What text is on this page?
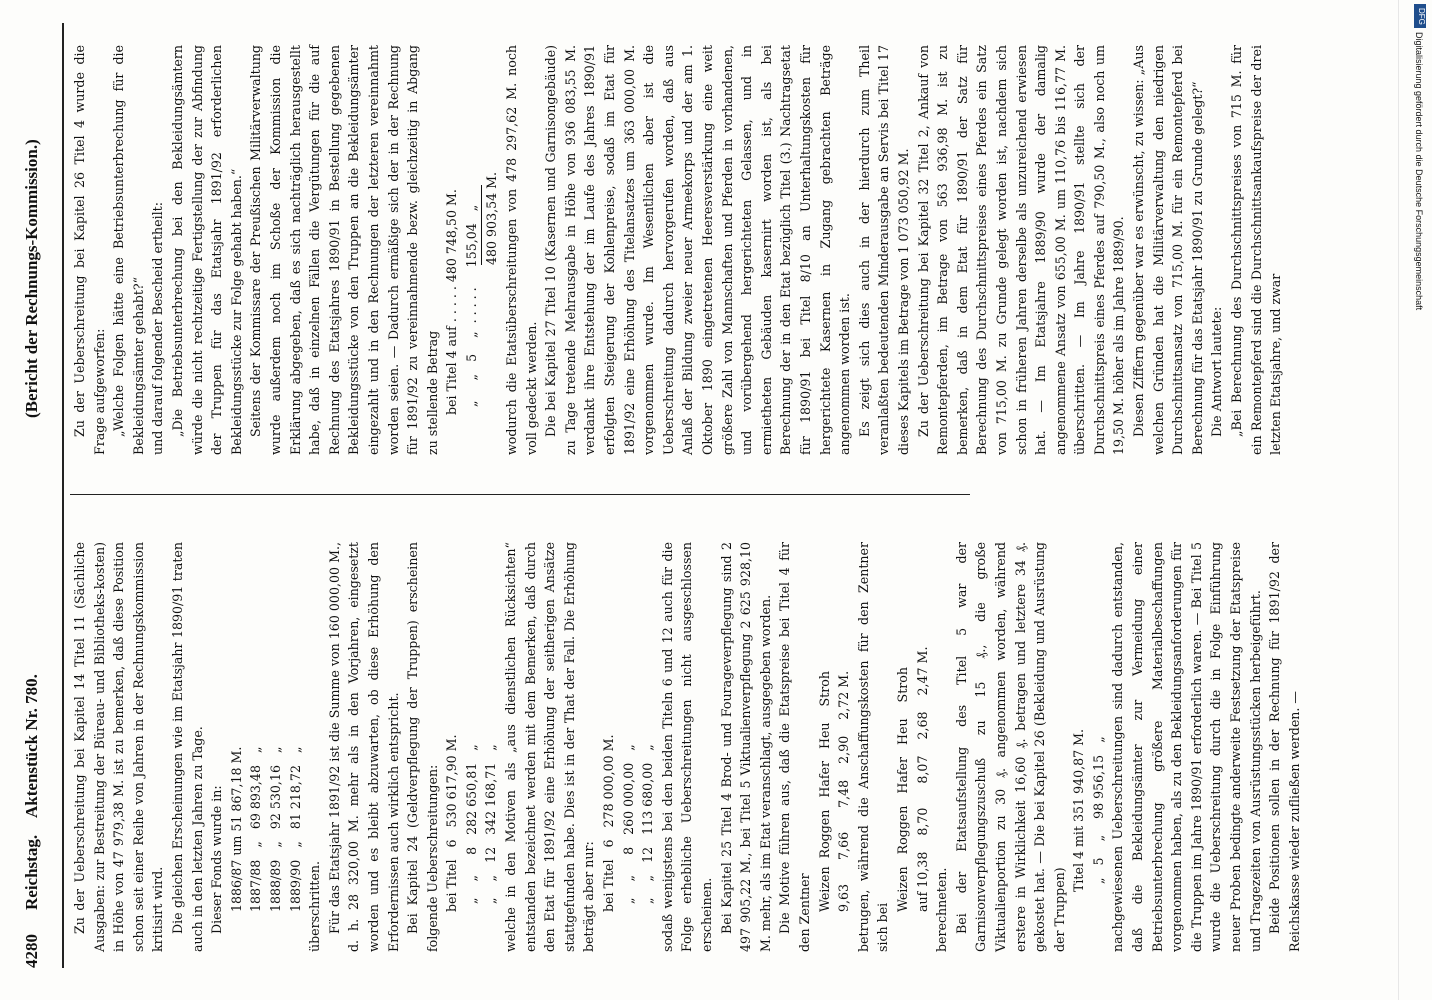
4280
Reichstag.
Aktenstück Nr. 780.
(Bericht der Rechnungs-Kommission.)

Zu der Ueberschreitung bei Kapitel 14 Titel 11 (Sächliche Ausgaben: zur Bestreitung der Büreau- und Bibliotheks-kosten) in Höhe von 47 979,38 M. ist zu bemerken, daß diese Position schon seit einer Reihe von Jahren in der Rechnungskommission kritisirt wird. Die gleichen Erscheinungen wie im Etatsjahr 1890/91 traten auch in den letzten Jahren zu Tage. Dieser Fonds wurde in: 1886/87 um 51 867,18 M. 1887/88   „   69 893,48   „ 1888/89   „   92 530,16   „ 1889/90   „   81 218,72   „ überschritten. Für das Etatsjahr 1891/92 ist die Summe von 160 000,00 M., d. h. 28 320,00 M. mehr als in den Vorjahren, eingesetzt worden und es bleibt abzuwarten, ob diese Erhöhung den Erfordernissen auch wirklich entspricht. Bei Kapitel 24 (Geldverpflegung der Truppen) erscheinen folgende Ueberschreitungen: bei Titel   6   530 617,90 M. „    „     8   282 650,81   „ „    „   12   342 168,71   „ welche in den Motiven als „aus dienstlichen Rücksichten“ entstanden bezeichnet werden mit dem Bemerken, daß durch den Etat für 1891/92 eine Erhöhung der seitherigen Ansätze stattgefunden habe. Dies ist in der That der Fall. Die Erhöhung beträgt aber nur: bei Titel   6   278 000,00 M. „    „     8   260 000,00   „ „    „   12   113 680,00   „ sodaß wenigstens bei den beiden Titeln 6 und 12 auch für die Folge erhebliche Ueberschreitungen nicht ausgeschlossen erscheinen. Bei Kapitel 25 Titel 4 Brod- und Fourageverpflegung sind 2 497 905,22 M., bei Titel 5 Viktualienverpflegung 2 625 928,10 M. mehr, als im Etat veranschlagt, ausgegeben worden. Die Motive führen aus, daß die Etatspreise bei Titel 4 für den Zentner Weizen  Roggen   Hafer   Heu    Stroh
9,63      7,66      7,48    2,90    2,72 M. betrugen, während die Anschaffungskosten für den Zentner sich bei

Weizen   Roggen   Hafer   Heu    Stroh
auf 10,38    8,70      8,07    2,68    2,47 M.

berechneten. Bei der Etatsaufstellung des Titel 5 war der Garnisonverpflegungszuschuß zu 15 ₰., die große Viktualienportion zu 30 ₰. angenommen worden, während erstere in Wirklichkeit 16,60 ₰. betragen und letztere 34 ₰. gekostet hat. — Die bei Kapitel 26 (Bekleidung und Ausrüstung der Truppen)

Titel 4 mit 351 940,87 M. „   5    „    98 956,15   „ nachgewiesenen Ueberschreitungen sind dadurch entstanden, daß die Bekleidungsämter zur Vermeidung einer Betriebsunterbrechung größere Materialbeschaffungen vorgenommen haben, als zu den Bekleidungsanforderungen für die Truppen im Jahre 1890/91 erforderlich waren. — Bei Titel 5 wurde die Ueberschreitung durch die in Folge Einführung neuer Proben bedingte anderweite Festsetzung der Etatspreise und Tragezeiten von Ausrüstungsstücken herbeigeführt. Beide Positionen sollen in der Rechnung für 1891/92 der Reichskasse wieder zufließen werden. —

Zu der Ueberschreitung bei Kapitel 26 Titel 4 wurde die Frage aufgeworfen: „Welche Folgen hätte eine Betriebsunterbrechung für die Bekleidungsämter gehabt?“ und darauf folgender Bescheid ertheilt: „Die Betriebsunterbrechung bei den Bekleidungsämtern würde die nicht rechtzeitige Fertigstellung der zur Abfindung der Truppen für das Etatsjahr 1891/92 erforderlichen Bekleidungsstücke zur Folge gehabt haben.“ Seitens der Kommissare der Preußischen Militärverwaltung wurde außerdem noch im Schoße der Kommission die Erklärung abgegeben, daß es sich nachträglich herausgestellt habe, daß in einzelnen Fällen die Vergütungen für die auf Rechnung des Etatsjahres 1890/91 in Bestellung gegebenen Bekleidungsstücke von den Truppen an die Bekleidungsämter eingezahlt und in den Rechnungen der letzteren vereinnahmt worden seien. — Dadurch ermäßige sich der in der Rechnung für 1891/92 zu vereinnahmende bezw. gleichzeitig in Abgang zu stellende Betrag bei Titel 4 auf . . . . . 480 748,50 M. „     „   5    „  . . . . .     155,04   „ 480 903,54 M. wodurch die Etatsüberschreitungen von 478 297,62 M. noch voll gedeckt werden. Die bei Kapitel 27 Titel 10 (Kasernen und Garnisongebäude) zu Tage tretende Mehrausgabe in Höhe von 936 083,55 M. verdankt ihre Entstehung der im Laufe des Jahres 1890/91 erfolgten Steigerung der Kohlenpreise, sodaß im Etat für 1891/92 eine Erhöhung des Titelansatzes um 363 000,00 M. vorgenommen wurde. Im Wesentlichen aber ist die Ueberschreitung dadurch hervorgerufen worden, daß aus Anlaß der Bildung zweier neuer Armeekorps und der am 1. Oktober 1890 eingetretenen Heeresverstärkung eine weit größere Zahl von Mannschaften und Pferden in vorhandenen, und vorübergehend hergerichteten Gelassen, und in ermietheten Gebäuden kasernirt worden ist, als bei Berechnung der in den Etat bezüglich Titel (3.) Nachtragsetat für 1890/91 bei Titel 8/10 an Unterhaltungskosten für hergerichtete Kasernen in Zugang gebrachten Beträge angenommen worden ist. Es zeigt sich dies auch in der hierdurch zum Theil veranlaßten bedeutenden Minderausgabe an Servis bei Titel 17 dieses Kapitels im Betrage von 1 073 050,92 M. Zu der Ueberschreitung bei Kapitel 32 Titel 2, Ankauf von Remontepferden, im Betrage von 563 936,98 M. ist zu bemerken, daß in dem Etat für 1890/91 der Satz für Berechnung des Durchschnittspreises eines Pferdes ein Satz von 715,00 M. zu Grunde gelegt worden ist, nachdem sich schon in früheren Jahren derselbe als unzureichend erwiesen hat. — Im Etatsjahre 1889/90 wurde der damalig angenommene Ansatz von 655,00 M. um 110,76 bis 116,77 M. überschritten. — Im Jahre 1890/91 stellte sich der Durchschnittspreis eines Pferdes auf 790,50 M., also noch um 19,50 M. höher als im Jahre 1889/90. Diesen Ziffern gegenüber war es erwünscht, zu wissen: „Aus welchen Gründen hat die Militärverwaltung den niedrigen Durchschnittsansatz von 715,00 M. für ein Remontepferd bei Berechnung für das Etatsjahr 1890/91 zu Grunde gelegt?“ Die Antwort lautete: „Bei Berechnung des Durchschnittspreises von 715 M. für ein Remontepferd sind die Durchschnittsankaufspreise der drei letzten Etatsjahre, und zwar

DFG
Digitalisierung gefördert durch die Deutsche Forschungsgemeinschaft
